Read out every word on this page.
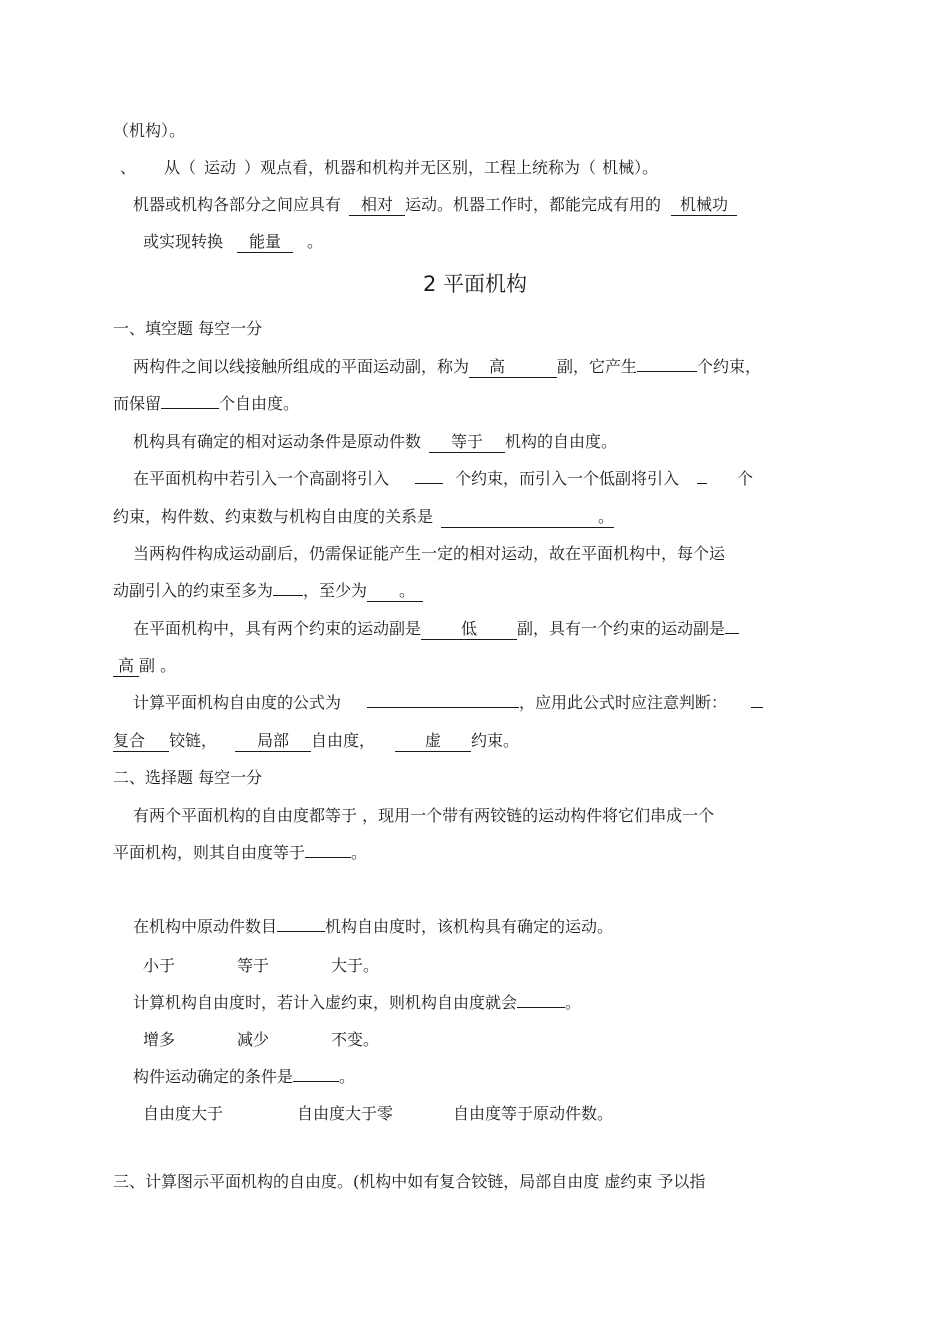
（机构）。
、 从（ 运动 ）观点看，机器和机构并无区别，工程上统称为（ 机械）。
机器或机构各部分之间应具有 相对 运动。机器工作时，都能完成有用的 机械功
或实现转换 能量 。
2 平面机构
一、填空题 每空一分
两构件之间以线接触所组成的平面运动副，称为 高	副，它产生	个约束，
而保留	个自由度。
机构具有确定的相对运动条件是原动件数 等于 机构的自由度。
在平面机构中若引入一个高副将引入	个约束，而引入一个低副将引入	个
约束，构件数、约束数与机构自由度的关系是	。
当两构件构成运动副后，仍需保证能产生一定的相对运动，故在平面机构中，每个运
动副引入的约束至多为 ，至少为 。
在平面机构中，具有两个约束的运动副是 低	副，具有一个约束的运动副是
高 副 。
计算平面机构自由度的公式为	，应用此公式时应注意判断：
复合 铰链， 局部 自由度，	虚 约束。
二、选择题 每空一分
有两个平面机构的自由度都等于 ，现用一个带有两铰链的运动构件将它们串成一个
平面机构，则其自由度等于	。
在机构中原动件数目	机构自由度时，该机构具有确定的运动。
小于	等于	大于。
计算机构自由度时，若计入虚约束，则机构自由度就会	。
增多	减少	不变。
构件运动确定的条件是	。
自由度大于	自由度大于零	自由度等于原动件数。
三、计算图示平面机构的自由度。(机构中如有复合铰链，局部自由度 虚约束 予以指
